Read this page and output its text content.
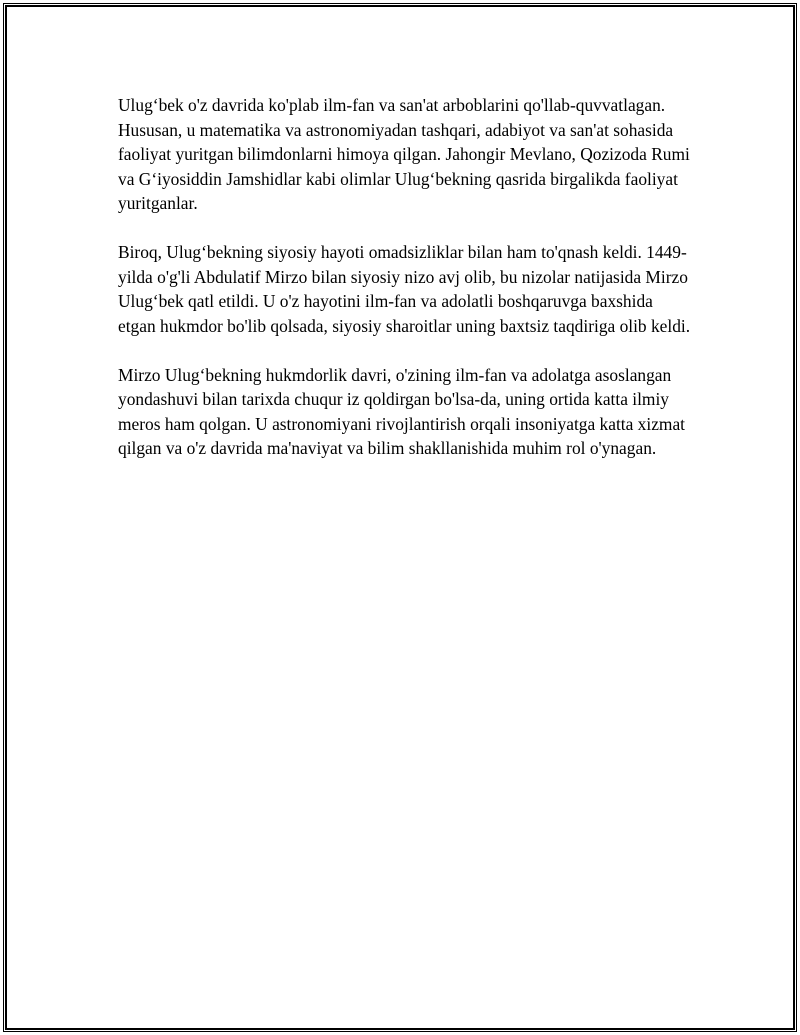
Ulug‘bek o'z davrida ko'plab ilm-fan va san'at arboblarini qo'llab-quvvatlagan. Hususan, u matematika va astronomiyadan tashqari, adabiyot va san'at sohasida faoliyat yuritgan bilimdonlarni himoya qilgan. Jahongir Mevlano, Qozizoda Rumi va G‘iyosiddin Jamshidlar kabi olimlar Ulug‘bekning qasrida birgalikda faoliyat yuritganlar.

Biroq, Ulug‘bekning siyosiy hayoti omadsizliklar bilan ham to'qnash keldi. 1449-yilda o'g'li Abdulatif Mirzo bilan siyosiy nizo avj olib, bu nizolar natijasida Mirzo Ulug‘bek qatl etildi. U o'z hayotini ilm-fan va adolatli boshqaruvga baxshida etgan hukmdor bo'lib qolsada, siyosiy sharoitlar uning baxtsiz taqdiriga olib keldi.

Mirzo Ulug‘bekning hukmdorlik davri, o'zining ilm-fan va adolatga asoslangan yondashuvi bilan tarixda chuqur iz qoldirgan bo'lsa-da, uning ortida katta ilmiy meros ham qolgan. U astronomiyani rivojlantirish orqali insoniyatga katta xizmat qilgan va o'z davrida ma'naviyat va bilim shakllanishida muhim rol o'ynagan.
